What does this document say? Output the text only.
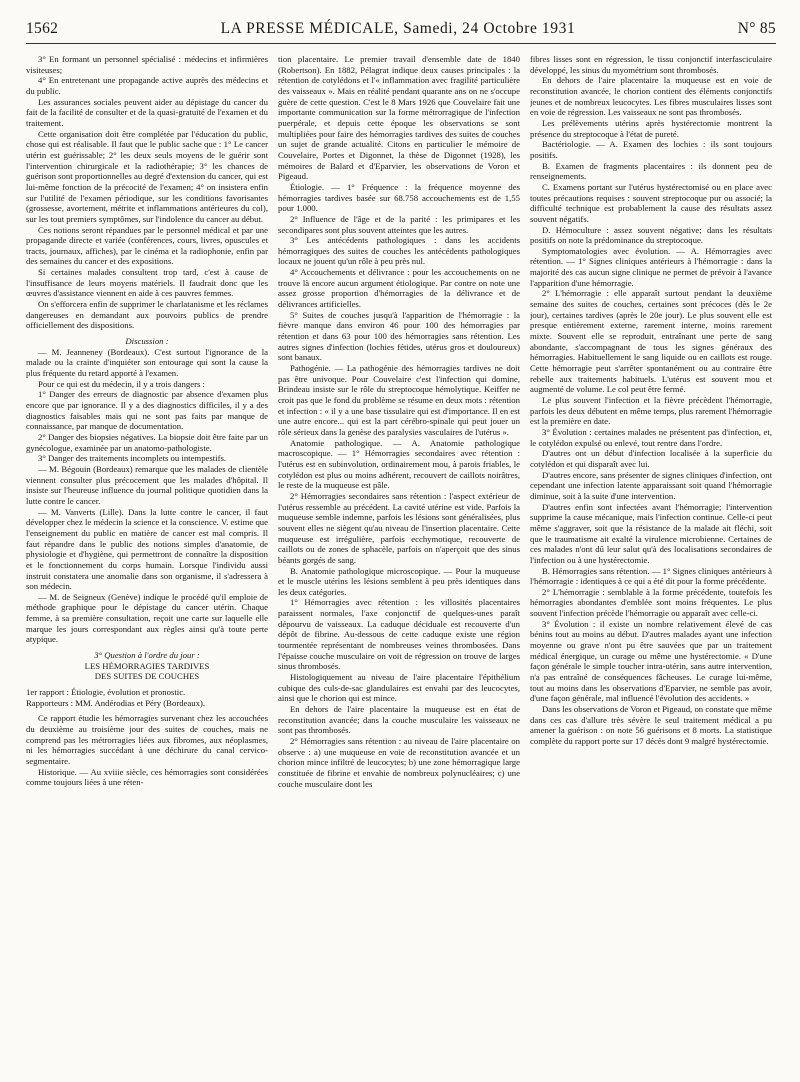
1562	LA PRESSE MÉDICALE, Samedi, 24 Octobre 1931	N° 85

3° En formant un personnel spécialisé : médecins et infirmières visiteuses;

4° En entretenant une propagande active auprès des médecins et du public.

Les assurances sociales peuvent aider au dépistage du cancer du fait de la facilité de consulter et de la quasi-gratuité de l'examen et du traitement.

Cette organisation doit être complétée par l'éducation du public, chose qui est réalisable. Il faut que le public sache que : 1° Le cancer utérin est guérissable; 2° les deux seuls moyens de le guérir sont l'intervention chirurgicale et la radiothérapie; 3° les chances de guérison sont proportionnelles au degré d'extension du cancer, qui est lui-même fonction de la précocité de l'examen; 4° on insistera enfin sur l'utilité de l'examen périodique, sur les conditions favorisantes (grossesse, avortement, métrite et inflammations antérieures du col), sur les tout premiers symptômes, sur l'indolence du cancer au début.

Ces notions seront répandues par le personnel médical et par une propagande directe et variée (conférences, cours, livres, opuscules et tracts, journaux, affiches), par le cinéma et la radiophonie, enfin par des semaines du cancer et des expositions.

Si certaines malades consultent trop tard, c'est à cause de l'insuffisance de leurs moyens matériels. Il faudrait donc que les œuvres d'assistance viennent en aide à ces pauvres femmes.

On s'efforcera enfin de supprimer le charlatanisme et les réclames dangereuses en demandant aux pouvoirs publics de prendre officiellement des dispositions.

Discussion :

— M. Jeanneney (Bordeaux). C'est surtout l'ignorance de la malade ou la crainte d'inquiéter son entourage qui sont la cause la plus fréquente du retard apporté à l'examen.

Pour ce qui est du médecin, il y a trois dangers :

1° Danger des erreurs de diagnostic par absence d'examen plus encore que par ignorance. Il y a des diagnostics difficiles, il y a des diagnostics faisables mais qui ne sont pas faits par manque de connaissance, par manque de documentation.

2° Danger des biopsies négatives. La biopsie doit être faite par un gynécologue, examinée par un anatomo-pathologiste.

3° Danger des traitements incomplets ou intempestifs.

— M. Bégouin (Bordeaux) remarque que les malades de clientèle viennent consulter plus précocement que les malades d'hôpital. Il insiste sur l'heureuse influence du journal politique quotidien dans la lutte contre le cancer.

— M. Vanverts (Lille). Dans la lutte contre le cancer, il faut développer chez le médecin la science et la conscience. V. estime que l'enseignement du public en matière de cancer est mal compris. Il faut répandre dans le public des notions simples d'anatomie, de physiologie et d'hygiène, qui permettront de connaître la disposition et le fonctionnement du corps humain. Lorsque l'individu aussi instruit constatera une anomalie dans son organisme, il s'adressera à son médecin.

— M. de Seigneux (Genève) indique le procédé qu'il emploie de méthode graphique pour le dépistage du cancer utérin. Chaque femme, à sa première consultation, reçoit une carte sur laquelle elle marque les jours correspondant aux règles ainsi qu'à toute perte atypique.

3° Question à l'ordre du jour :

LES HÉMORRAGIES TARDIVES

DES SUITES DE COUCHES

1er rapport : Étiologie, évolution et pronostic.

Rapporteurs : MM. Andérodias et Péry (Bordeaux).

Ce rapport étudie les hémorragies survenant chez les accouchées du deuxième au troisième jour des suites de couches, mais ne comprend pas les métrorragies liées aux fibromes, aux néoplasmes, ni les hémorragies succédant à une déchirure du canal cervico-segmentaire.

Historique. — Au xviiie siècle, ces hémorragies sont considérées comme toujours liées à une réten-

tion placentaire. Le premier travail d'ensemble date de 1840 (Robertson). En 1882, Pélagrat indique deux causes principales : la rétention de cotylédons et l'« inflammation avec fragilité particulière des vaisseaux ». Mais en réalité pendant quarante ans on ne s'occupe guère de cette question. C'est le 8 Mars 1926 que Couvelaire fait une importante communication sur la forme métrorragique de l'infection puerpérale, et depuis cette époque les observations se sont multipliées pour faire des hémorragies tardives des suites de couches un sujet de grande actualité. Citons en particulier le mémoire de Couvelaire, Portes et Digonnet, la thèse de Digonnet (1928), les mémoires de Balard et d'Eparvier, les observations de Voron et Pigeaud.

Étiologie. — 1° Fréquence : la fréquence moyenne des hémorragies tardives basée sur 68.758 accouchements est de 1,55 pour 1.000.

2° Influence de l'âge et de la parité : les primipares et les secondipares sont plus souvent atteintes que les autres.

3° Les antécédents pathologiques : dans les accidents hémorragiques des suites de couches les antécédents pathologiques locaux ne jouent qu'un rôle à peu près nul.

4° Accouchements et délivrance : pour les accouchements on ne trouve là encore aucun argument étiologique. Par contre on note une assez grosse proportion d'hémorragies de la délivrance et de délivrances artificielles.

5° Suites de couches jusqu'à l'apparition de l'hémorragie : la fièvre manque dans environ 46 pour 100 des hémorragies par rétention et dans 63 pour 100 des hémorragies sans rétention. Les autres signes d'infection (lochies fétides, utérus gros et douloureux) sont banaux.

Pathogénie. — La pathogénie des hémorragies tardives ne doit pas être univoque. Pour Couvelaire c'est l'infection qui domine, Brindeau insiste sur le rôle du streptocoque hémolytique. Keiffer ne croit pas que le fond du problème se résume en deux mots : rétention et infection : « il y a une base tissulaire qui est d'importance. Il en est une autre encore... qui est la part cérébro-spinale qui peut jouer un rôle sérieux dans la genèse des paralysies vasculaires de l'utérus ».

Anatomie pathologique. — A. Anatomie pathologique macroscopique. — 1° Hémorragies secondaires avec rétention : l'utérus est en subinvolution, ordinairement mou, à parois friables, le cotylédon est plus ou moins adhérent, recouvert de caillots noirâtres, le reste de la muqueuse est pâle.

2° Hémorragies secondaires sans rétention : l'aspect extérieur de l'utérus ressemble au précédent. La cavité utérine est vide. Parfois la muqueuse semble indemne, parfois les lésions sont généralisées, plus souvent elles ne siègent qu'au niveau de l'insertion placentaire. Cette muqueuse est irrégulière, parfois ecchymotique, recouverte de caillots ou de zones de sphacèle, parfois on n'aperçoit que des sinus béants gorgés de sang.

B. Anatomie pathologique microscopique. — Pour la muqueuse et le muscle utérins les lésions semblent à peu près identiques dans les deux catégories.

1° Hémorragies avec rétention : les villosités placentaires paraissent normales, l'axe conjonctif de quelques-unes paraît dépourvu de vaisseaux. La caduque déciduale est recouverte d'un dépôt de fibrine. Au-dessous de cette caduque existe une région tourmentée représentant de nombreuses veines thrombosées. Dans l'épaisse couche musculaire on voit de régression on trouve de larges sinus thrombosés.

Histologiquement au niveau de l'aire placentaire l'épithélium cubique des culs-de-sac glandulaires est envahi par des leucocytes, ainsi que le chorion qui est mince.

En dehors de l'aire placentaire la muqueuse est en état de reconstitution avancée; dans la couche musculaire les vaisseaux ne sont pas thrombosés.

2° Hémorragies sans rétention : au niveau de l'aire placentaire on observe : a) une muqueuse en voie de reconstitution avancée et un chorion mince infiltré de leucocytes; b) une zone hémorragique large constituée de fibrine et envahie de nombreux polynucléaires; c) une couche musculaire dont les

fibres lisses sont en régression, le tissu conjonctif interfasciculaire développé, les sinus du myométrium sont thrombosés.

En dehors de l'aire placentaire la muqueuse est en voie de reconstitution avancée, le chorion contient des éléments conjonctifs jeunes et de nombreux leucocytes. Les fibres musculaires lisses sont en voie de régression. Les vaisseaux ne sont pas thrombosés.

Les prélèvements utérins après hystérectomie montrent la présence du streptocoque à l'état de pureté.

Bactériologie. — A. Examen des lochies : ils sont toujours positifs.

B. Examen de fragments placentaires : ils donnent peu de renseignements.

C. Examens portant sur l'utérus hystérectomisé ou en place avec toutes précautions requises : souvent streptocoque pur ou associé; la difficulté technique est probablement la cause des résultats assez souvent négatifs.

D. Hémoculture : assez souvent négative; dans les résultats positifs on note la prédominance du streptocoque.

Symptomatologies avec évolution. — A. Hémorragies avec rétention. — 1° Signes cliniques antérieurs à l'hémorragie : dans la majorité des cas aucun signe clinique ne permet de prévoir à l'avance l'apparition d'une hémorragie.

2° L'hémorragie : elle apparaît surtout pendant la deuxième semaine des suites de couches, certaines sont précoces (dès le 2e jour), certaines tardives (après le 20e jour). Le plus souvent elle est presque entièrement externe, rarement interne, moins rarement mixte. Souvent elle se reproduit, entraînant une perte de sang abondante, s'accompagnant de tous les signes généraux des hémorragies. Habituellement le sang liquide ou en caillots est rouge. Cette hémorragie peut s'arrêter spontanément ou au contraire être rebelle aux traitements habituels. L'utérus est souvent mou et augmenté de volume. Le col peut être fermé.

Le plus souvent l'infection et la fièvre précèdent l'hémorragie, parfois les deux débutent en même temps, plus rarement l'hémorragie est la première en date.

3° Évolution : certaines malades ne présentent pas d'infection, et, le cotylédon expulsé ou enlevé, tout rentre dans l'ordre.

D'autres ont un début d'infection localisée à la superficie du cotylédon et qui disparaît avec lui.

D'autres encore, sans présenter de signes cliniques d'infection, ont cependant une infection latente apparaissant soit quand l'hémorragie diminue, soit à la suite d'une intervention.

D'autres enfin sont infectées avant l'hémorragie; l'intervention supprime la cause mécanique, mais l'infection continue. Celle-ci peut même s'aggraver, soit que la résistance de la malade ait fléchi, soit que le traumatisme ait exalté la virulence microbienne. Certaines de ces malades n'ont dû leur salut qu'à des localisations secondaires de l'infection ou à une hystérectomie.

B. Hémorragies sans rétention. — 1° Signes cliniques antérieurs à l'hémorragie : identiques à ce qui a été dit pour la forme précédente.

2° L'hémorragie : semblable à la forme précédente, toutefois les hémorragies abondantes d'emblée sont moins fréquentes. Le plus souvent l'infection précède l'hémorragie ou apparaît avec celle-ci.

3° Évolution : il existe un nombre relativement élevé de cas bénins tout au moins au début. D'autres malades ayant une infection moyenne ou grave n'ont pu être sauvées que par un traitement médical énergique, un curage ou même une hystérectomie. « D'une façon générale le simple toucher intra-utérin, sans autre intervention, n'a pas entraîné de conséquences fâcheuses. Le curage lui-même, tout au moins dans les observations d'Eparvier, ne semble pas avoir, d'une façon générale, mal influencé l'évolution des accidents. »

Dans les observations de Voron et Pigeaud, on constate que même dans ces cas d'allure très sévère le seul traitement médical a pu amener la guérison : on note 56 guérisons et 8 morts. La statistique complète du rapport porte sur 17 décès dont 9 malgré hystérectomie.
